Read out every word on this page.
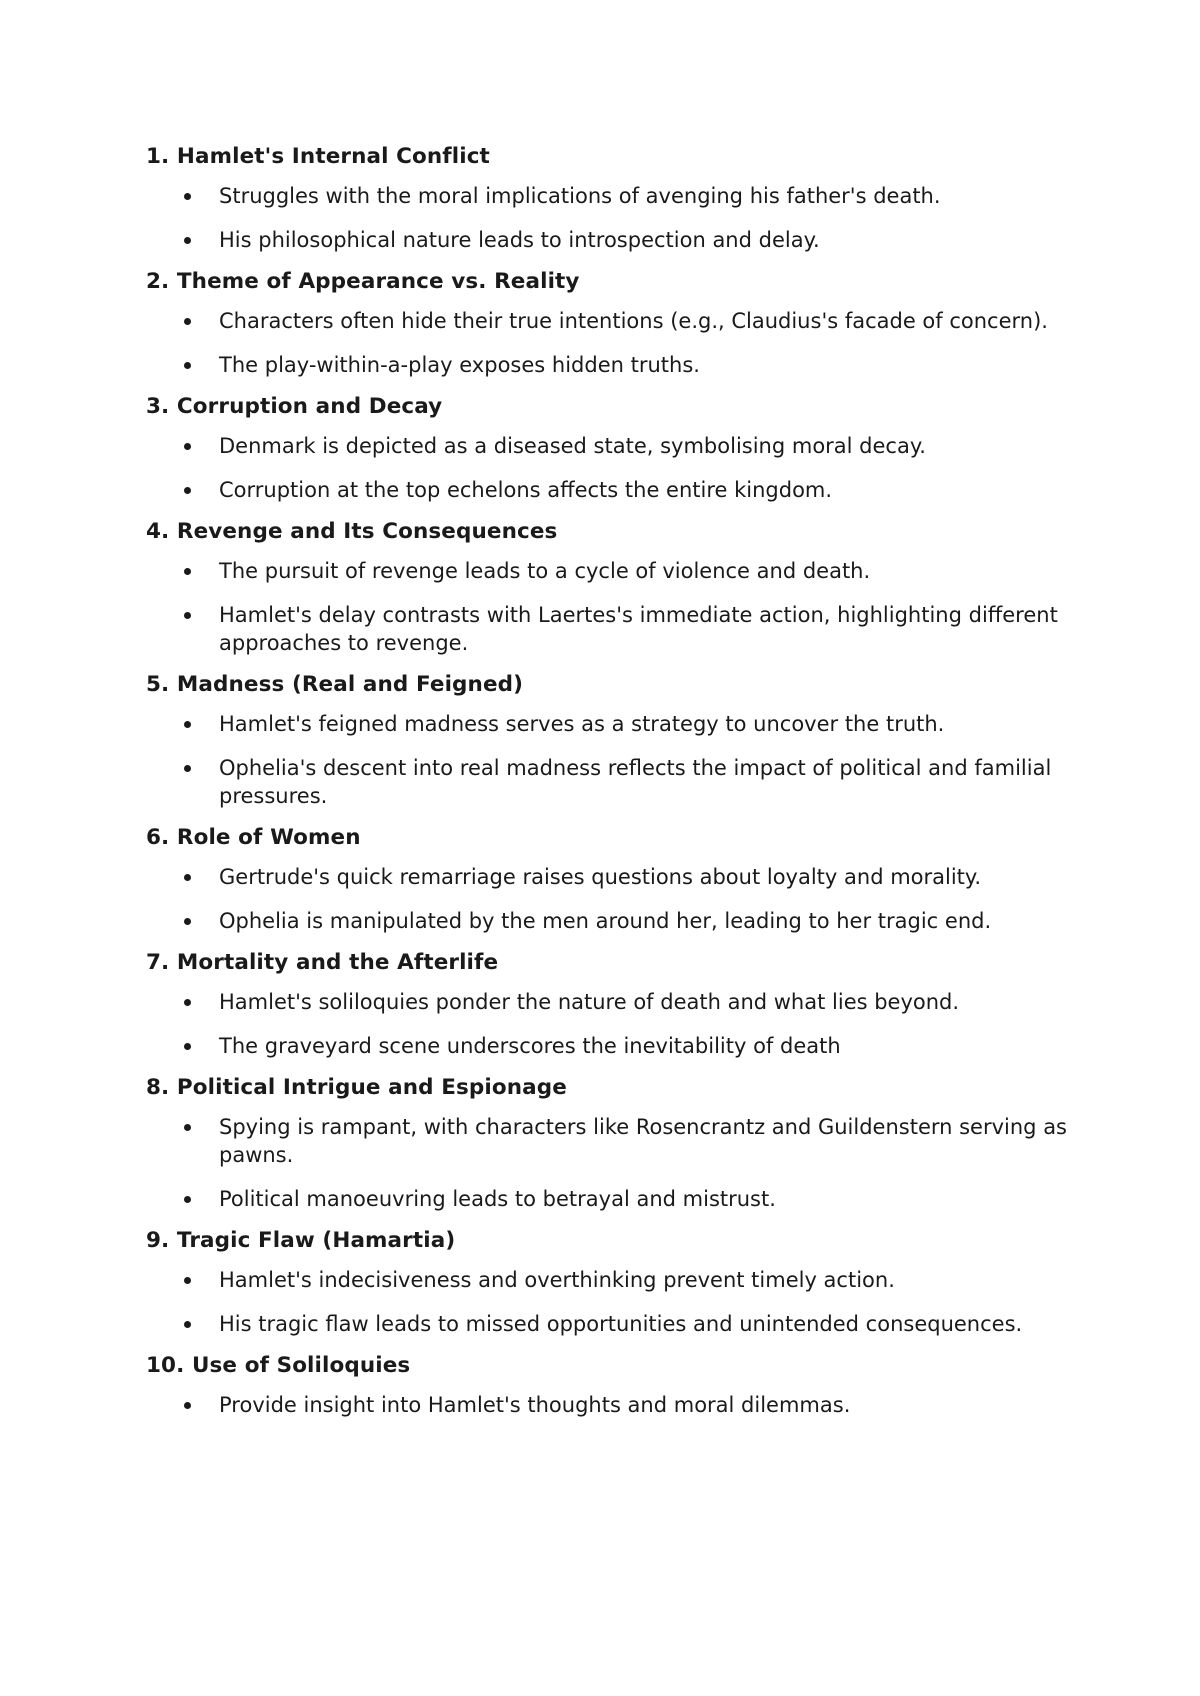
1. Hamlet's Internal Conflict
Struggles with the moral implications of avenging his father's death.
His philosophical nature leads to introspection and delay.
2. Theme of Appearance vs. Reality
Characters often hide their true intentions (e.g., Claudius's facade of concern).
The play-within-a-play exposes hidden truths.
3. Corruption and Decay
Denmark is depicted as a diseased state, symbolising moral decay.
Corruption at the top echelons affects the entire kingdom.
4. Revenge and Its Consequences
The pursuit of revenge leads to a cycle of violence and death.
Hamlet's delay contrasts with Laertes's immediate action, highlighting different approaches to revenge.
5. Madness (Real and Feigned)
Hamlet's feigned madness serves as a strategy to uncover the truth.
Ophelia's descent into real madness reflects the impact of political and familial pressures.
6. Role of Women
Gertrude's quick remarriage raises questions about loyalty and morality.
Ophelia is manipulated by the men around her, leading to her tragic end.
7. Mortality and the Afterlife
Hamlet's soliloquies ponder the nature of death and what lies beyond.
The graveyard scene underscores the inevitability of death
8. Political Intrigue and Espionage
Spying is rampant, with characters like Rosencrantz and Guildenstern serving as pawns.
Political manoeuvring leads to betrayal and mistrust.
9. Tragic Flaw (Hamartia)
Hamlet's indecisiveness and overthinking prevent timely action.
His tragic flaw leads to missed opportunities and unintended consequences.
10. Use of Soliloquies
Provide insight into Hamlet's thoughts and moral dilemmas.
